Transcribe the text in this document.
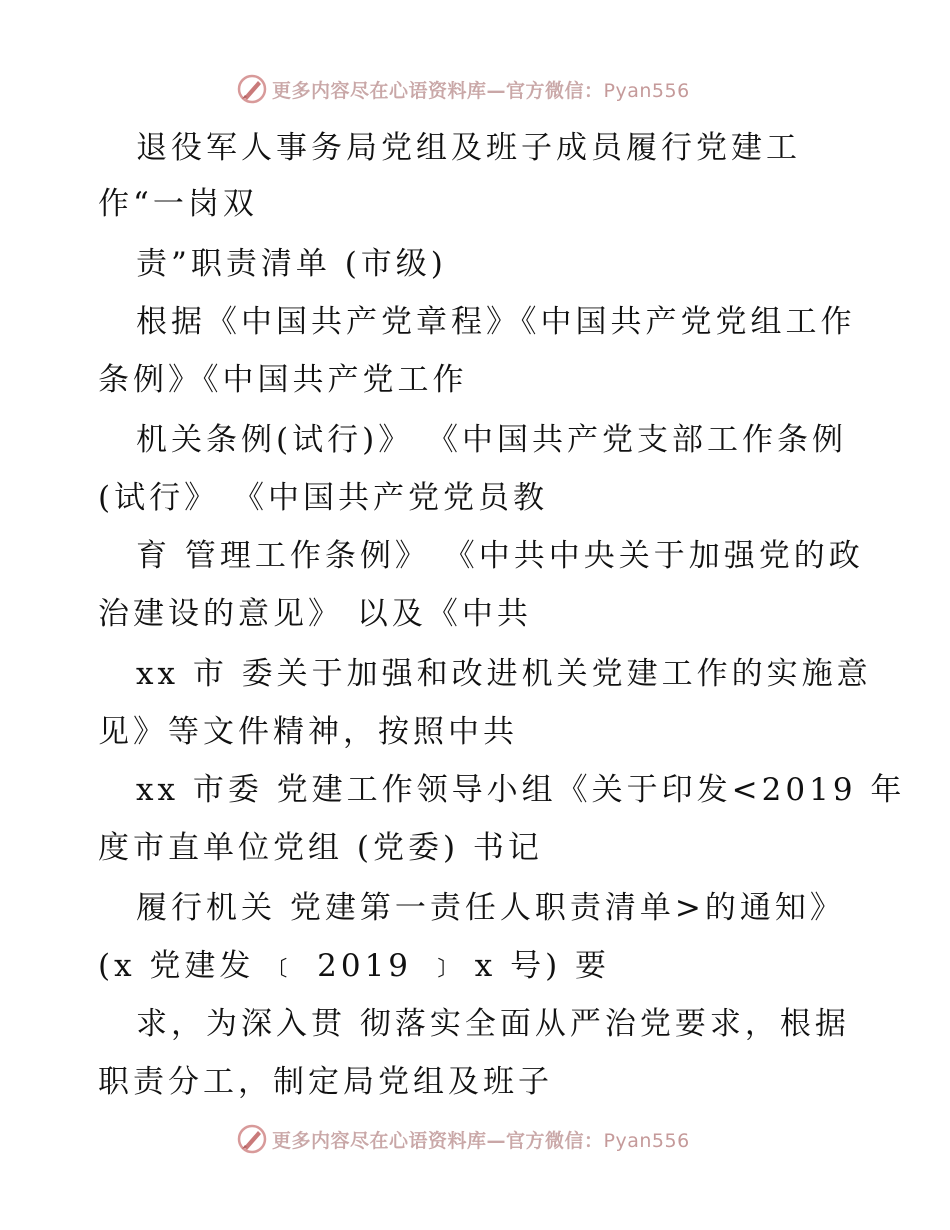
更多内容尽在心语资料库—官方微信：Pyan556
退役军人事务局党组及班子成员履行党建工
作“一岗双
责”职责清单 (市级)
根据《中国共产党章程》《中国共产党党组工作
条例》《中国共产党工作
机关条例(试行)》 《中国共产党支部工作条例
(试行》 《中国共产党党员教
育 管理工作条例》 《中共中央关于加强党的政
治建设的意见》 以及《中共
xx 市 委关于加强和改进机关党建工作的实施意
见》等文件精神，按照中共
xx 市委 党建工作领导小组《关于印发<2019 年
度市直单位党组 (党委) 书记
履行机关 党建第一责任人职责清单>的通知》
(x 党建发 ﹝ 2019 ﹞ x 号) 要
求，为深入贯 彻落实全面从严治党要求，根据
职责分工，制定局党组及班子
更多内容尽在心语资料库—官方微信：Pyan556
